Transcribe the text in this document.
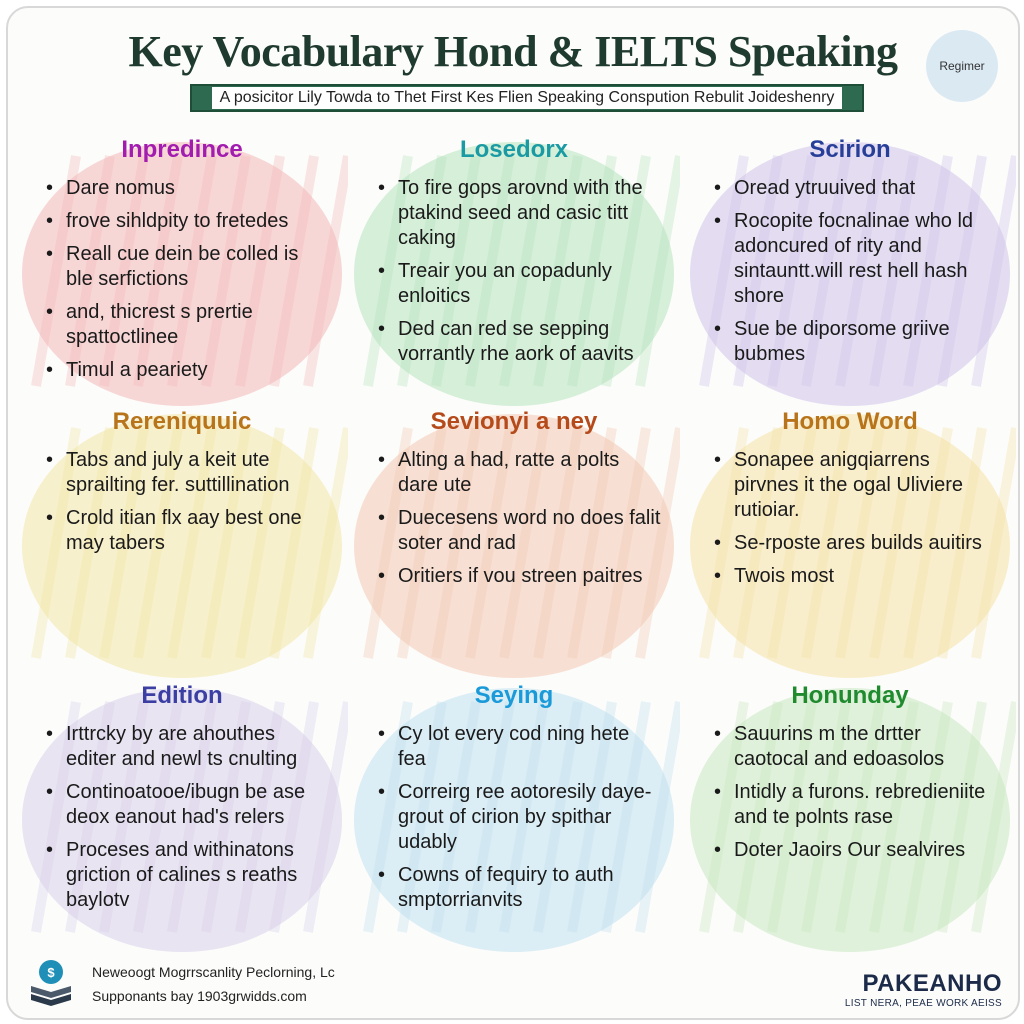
Key Vocabulary Hond & IELTS Speaking	Regimer
A posicitor Lily Towda to Thet First Kes Flien Speaking Conspution Rebulit Joideshenry
Inpredince
• Dare nomus
• frove sihldpity to fretedes
• Reall cue dein be colled is ble serfictions
• and, thicrest s prertie spattoctlinee
• Timul a peariety
Losedorx
• To fire gops arovnd with the ptakind seed and casic titt caking
• Treair you an copadunly enloitics
• Ded can red se sepping vorrantly rhe aork of aavits
Scirion
• Oread ytruuived that
• Rocopite focnalinae who ld adoncured of rity and sintauntt.will rest hell hash shore
• Sue be diporsome griive bubmes
Rereniquuic
• Tabs and july a keit ute sprailting fer. suttillination
• Crold itian flx aay best one may tabers
Sevionyi a ney
• Alting a had, ratte a polts dare ute
• Duecesens word no does falit soter and rad
• Oritiers if vou streen paitres
Homo Word
• Sonapee anigqiarrens pirvnes it the ogal Uliviere rutioiar.
• Se-rposte ares builds auitirs
• Twois most
Edition
• Irttrcky by are ahouthes editer and newl ts cnulting
• Continoatooe/ibugn be ase deox eanout had's relers
• Proceses and withinatons griction of calines s reaths baylotv
Seying
• Cy lot every cod ning hete fea
• Correirg ree aotoresily daye-grout of cirion by spithar udably
• Cowns of fequiry to auth smptorrianvits
Honunday
• Sauurins m the drtter caotocal and edoasolos
• Intidly a furons. rebredieniite and te polnts rase
• Doter Jaoirs Our sealvires
$	Neweoogt Mogrrscanlity Peclorning, Lc
Supponants bay 1903grwidds.com	PAKEANHO
LIST NERA, PEAE WORK AEISS
